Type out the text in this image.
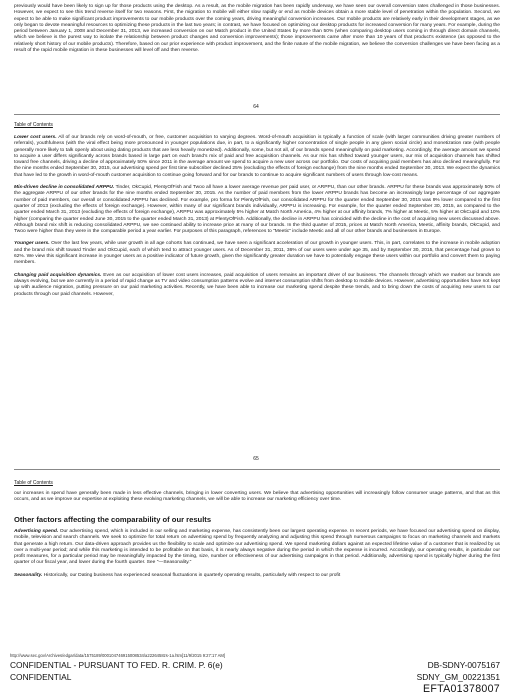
previously would have been likely to sign up for those products using the desktop. As a result, as the mobile migration has been rapidly underway, we have seen our overall conversion rates challenged in those businesses. However, we expect to see this trend reverse itself for two reasons. First, the migration to mobile will either slow rapidly or end as mobile devices obtain a more stable level of penetration within the population. Second, we expect to be able to make significant product improvements to our mobile products over the coming years, driving meaningful conversion increases. Our mobile products are relatively early in their development stages, as we only began to devote meaningful resources to optimizing these products in the last two years; in contrast, we have focused on optimizing our desktop products for increased conversion for many years. For example, during the period between January 1, 2008 and December 31, 2013, we increased conversion on our Match product in the United States by more than 50% (when comparing desktop users coming in through direct domain channels, which we believe is the purest way to isolate the relationship between product changes and conversion improvements); those improvements came after more than 10 years of that product's existence (as opposed to the relatively short history of our mobile products). Therefore, based on our prior experience with product improvement, and the finite nature of the mobile migration, we believe the conversion challenges we have been facing as a result of the rapid mobile migration in these businesses will level off and then reverse.

64
Table of Contents

Lower cost users. All of our brands rely on word-of-mouth, or free, customer acquisition to varying degrees. Word-of-mouth acquisition is typically a function of scale (with larger communities driving greater numbers of referrals), youthfulness (with the viral effect being more pronounced in younger populations due, in part, to a significantly higher concentration of single people in any given social circle) and monetization rate (with people generally more likely to talk openly about using dating products that are less heavily monetized). Additionally, some, but not all, of our brands spend meaningfully on paid marketing. Accordingly, the average amount we spend to acquire a user differs significantly across brands based in large part on each brand's mix of paid and free acquisition channels. As our mix has shifted toward younger users, our mix of acquisition channels has shifted toward free channels, driving a decline of approximately 50% since 2011 in the average amount we spend to acquire a new user across our portfolio. Our costs of acquiring paid members has also declined meaningfully. For the nine months ended September 30, 2015, our advertising spend per first time subscriber declined 25% (excluding the effects of foreign exchange) from the nine months ended September 30, 2013. We expect the dynamics that have led to the growth in word-of-mouth customer acquisition to continue going forward and for our brands to continue to acquire significant numbers of users through low-cost means.

Mix-driven decline in consolidated ARPPU. Tinder, OkCupid, PlentyOfFish and Twoo all have a lower average revenue per paid user, or ARPPU, than our other brands. ARPPU for these brands was approximately 50% of the aggregate ARPPU of our other brands for the nine months ended September 30, 2015. As the number of paid members from the lower ARPPU brands has become an increasingly large percentage of our aggregate number of paid members, our overall or consolidated ARPPU has declined. For example, pro forma for PlentyOfFish, our consolidated ARPPU for the quarter ended September 30, 2015 was 9% lower compared to the first quarter of 2013 (excluding the effects of foreign exchange). However, within many of our significant brands individually, ARPPU is increasing. For example, for the quarter ended September 30, 2015, as compared to the quarter ended March 31, 2013 (excluding the effects of foreign exchange), ARPPU was approximately 5% higher at Match North America, 4% higher at our affinity brands, 7% higher at Meetic, 5% higher at OkCupid and 10% higher (comparing the quarter ended June 30, 2015 to the quarter ended March 31, 2013) at PlentyOfFish. Additionally, the decline in ARPPU has coincided with the decline in the cost of acquiring new users discussed above. Although brand mix shift is reducing consolidated ARPPU, we see continued ability to increase price at many of our brands. In the third quarter of 2015, prices at Match North America, Meetic, affinity brands, OkCupid, and Twoo were higher than they were in the comparable period a year earlier. For purposes of this paragraph, references to "Meetic" include Meetic and all of our other brands and businesses in Europe.

Younger users. Over the last few years, while user growth in all age cohorts has continued, we have seen a significant acceleration of our growth in younger users. This, in part, correlates to the increase in mobile adoption and the brand mix shift toward Tinder and OkCupid, each of which tend to attract younger users. As of December 31, 2011, 36% of our users were under age 35, and by September 30, 2015, that percentage had grown to 62%. We view this significant increase in younger users as a positive indicator of future growth, given the significantly greater duration we have to potentially engage these users within our portfolio and convert them to paying members.

Changing paid acquisition dynamics. Even as our acquisition of lower cost users increases, paid acquisition of users remains an important driver of our business. The channels through which we market our brands are always evolving, but we are currently in a period of rapid change as TV and video consumption patterns evolve and internet consumption shifts from desktop to mobile devices. However, advertising opportunities have not kept up with audience migration, putting pressure on our paid marketing activities. Recently, we have been able to increase our marketing spend despite these trends, and to bring down the costs of acquiring new users to our products through our paid channels. However,

65
Table of Contents

our increases in spend have generally been made in less effective channels, bringing in lower converting users. We believe that advertising opportunities will increasingly follow consumer usage patterns, and that as this occurs, and as we improve our expertise at exploiting these evolving marketing channels, we will be able to increase our marketing efficiency over time.

Other factors affecting the comparability of our results

Advertising spend. Our advertising spend, which is included in our selling and marketing expense, has consistently been our largest operating expense. In recent periods, we have focused our advertising spend on display, mobile, television and search channels. We seek to optimize for total return on advertising spend by frequently analyzing and adjusting this spend through numerous campaigns to focus on marketing channels and markets that generate a high return. Our data-driven approach provides us the flexibility to scale and optimize our advertising spend. We spend marketing dollars against an expected lifetime value of a customer that is realized by us over a multi-year period; and while this marketing is intended to be profitable on that basis, it is nearly always negative during the period in which the expense is incurred. Accordingly, our operating results, in particular our profit measures, for a particular period may be meaningfully impacted by the timing, size, number or effectiveness of our advertising campaigns in that period. Additionally, advertising spend is typically higher during the first quarter of our fiscal year, and lower during the fourth quarter. See "—Seasonality."

Seasonality. Historically, our Dating business has experienced seasonal fluctuations in quarterly operating results, particularly with respect to our profit

http://www.sec.gov/Archives/edgar/data/1575189/000104746915008534/a2226458zs-1a.htm[11/9/2015 9:27:17 AM]
CONFIDENTIAL - PURSUANT TO FED. R. CRIM. P. 6(e)
CONFIDENTIAL
DB-SDNY-0075167
SDNY_GM_00221351
EFTA01378007
